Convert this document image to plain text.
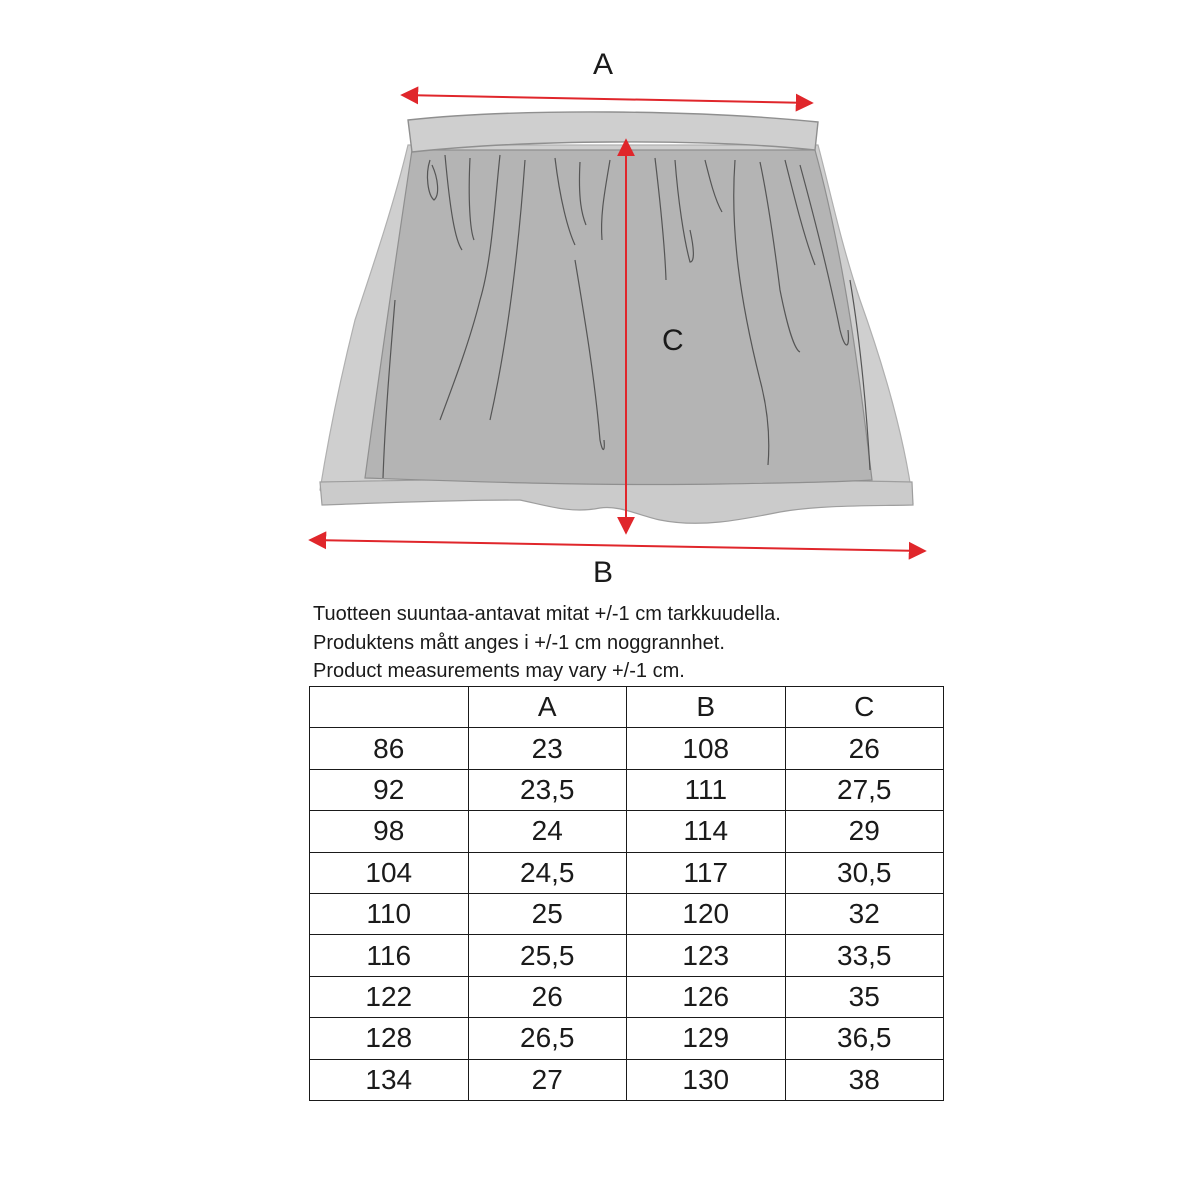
A
C
B
Tuotteen suuntaa-antavat mitat +/-1 cm tarkkuudella.
Produktens mått anges i +/-1 cm noggrannhet.
Product measurements may vary +/-1 cm.
	A	B	C
86	23	108	26
92	23,5	111	27,5
98	24	114	29
104	24,5	117	30,5
110	25	120	32
116	25,5	123	33,5
122	26	126	35
128	26,5	129	36,5
134	27	130	38
